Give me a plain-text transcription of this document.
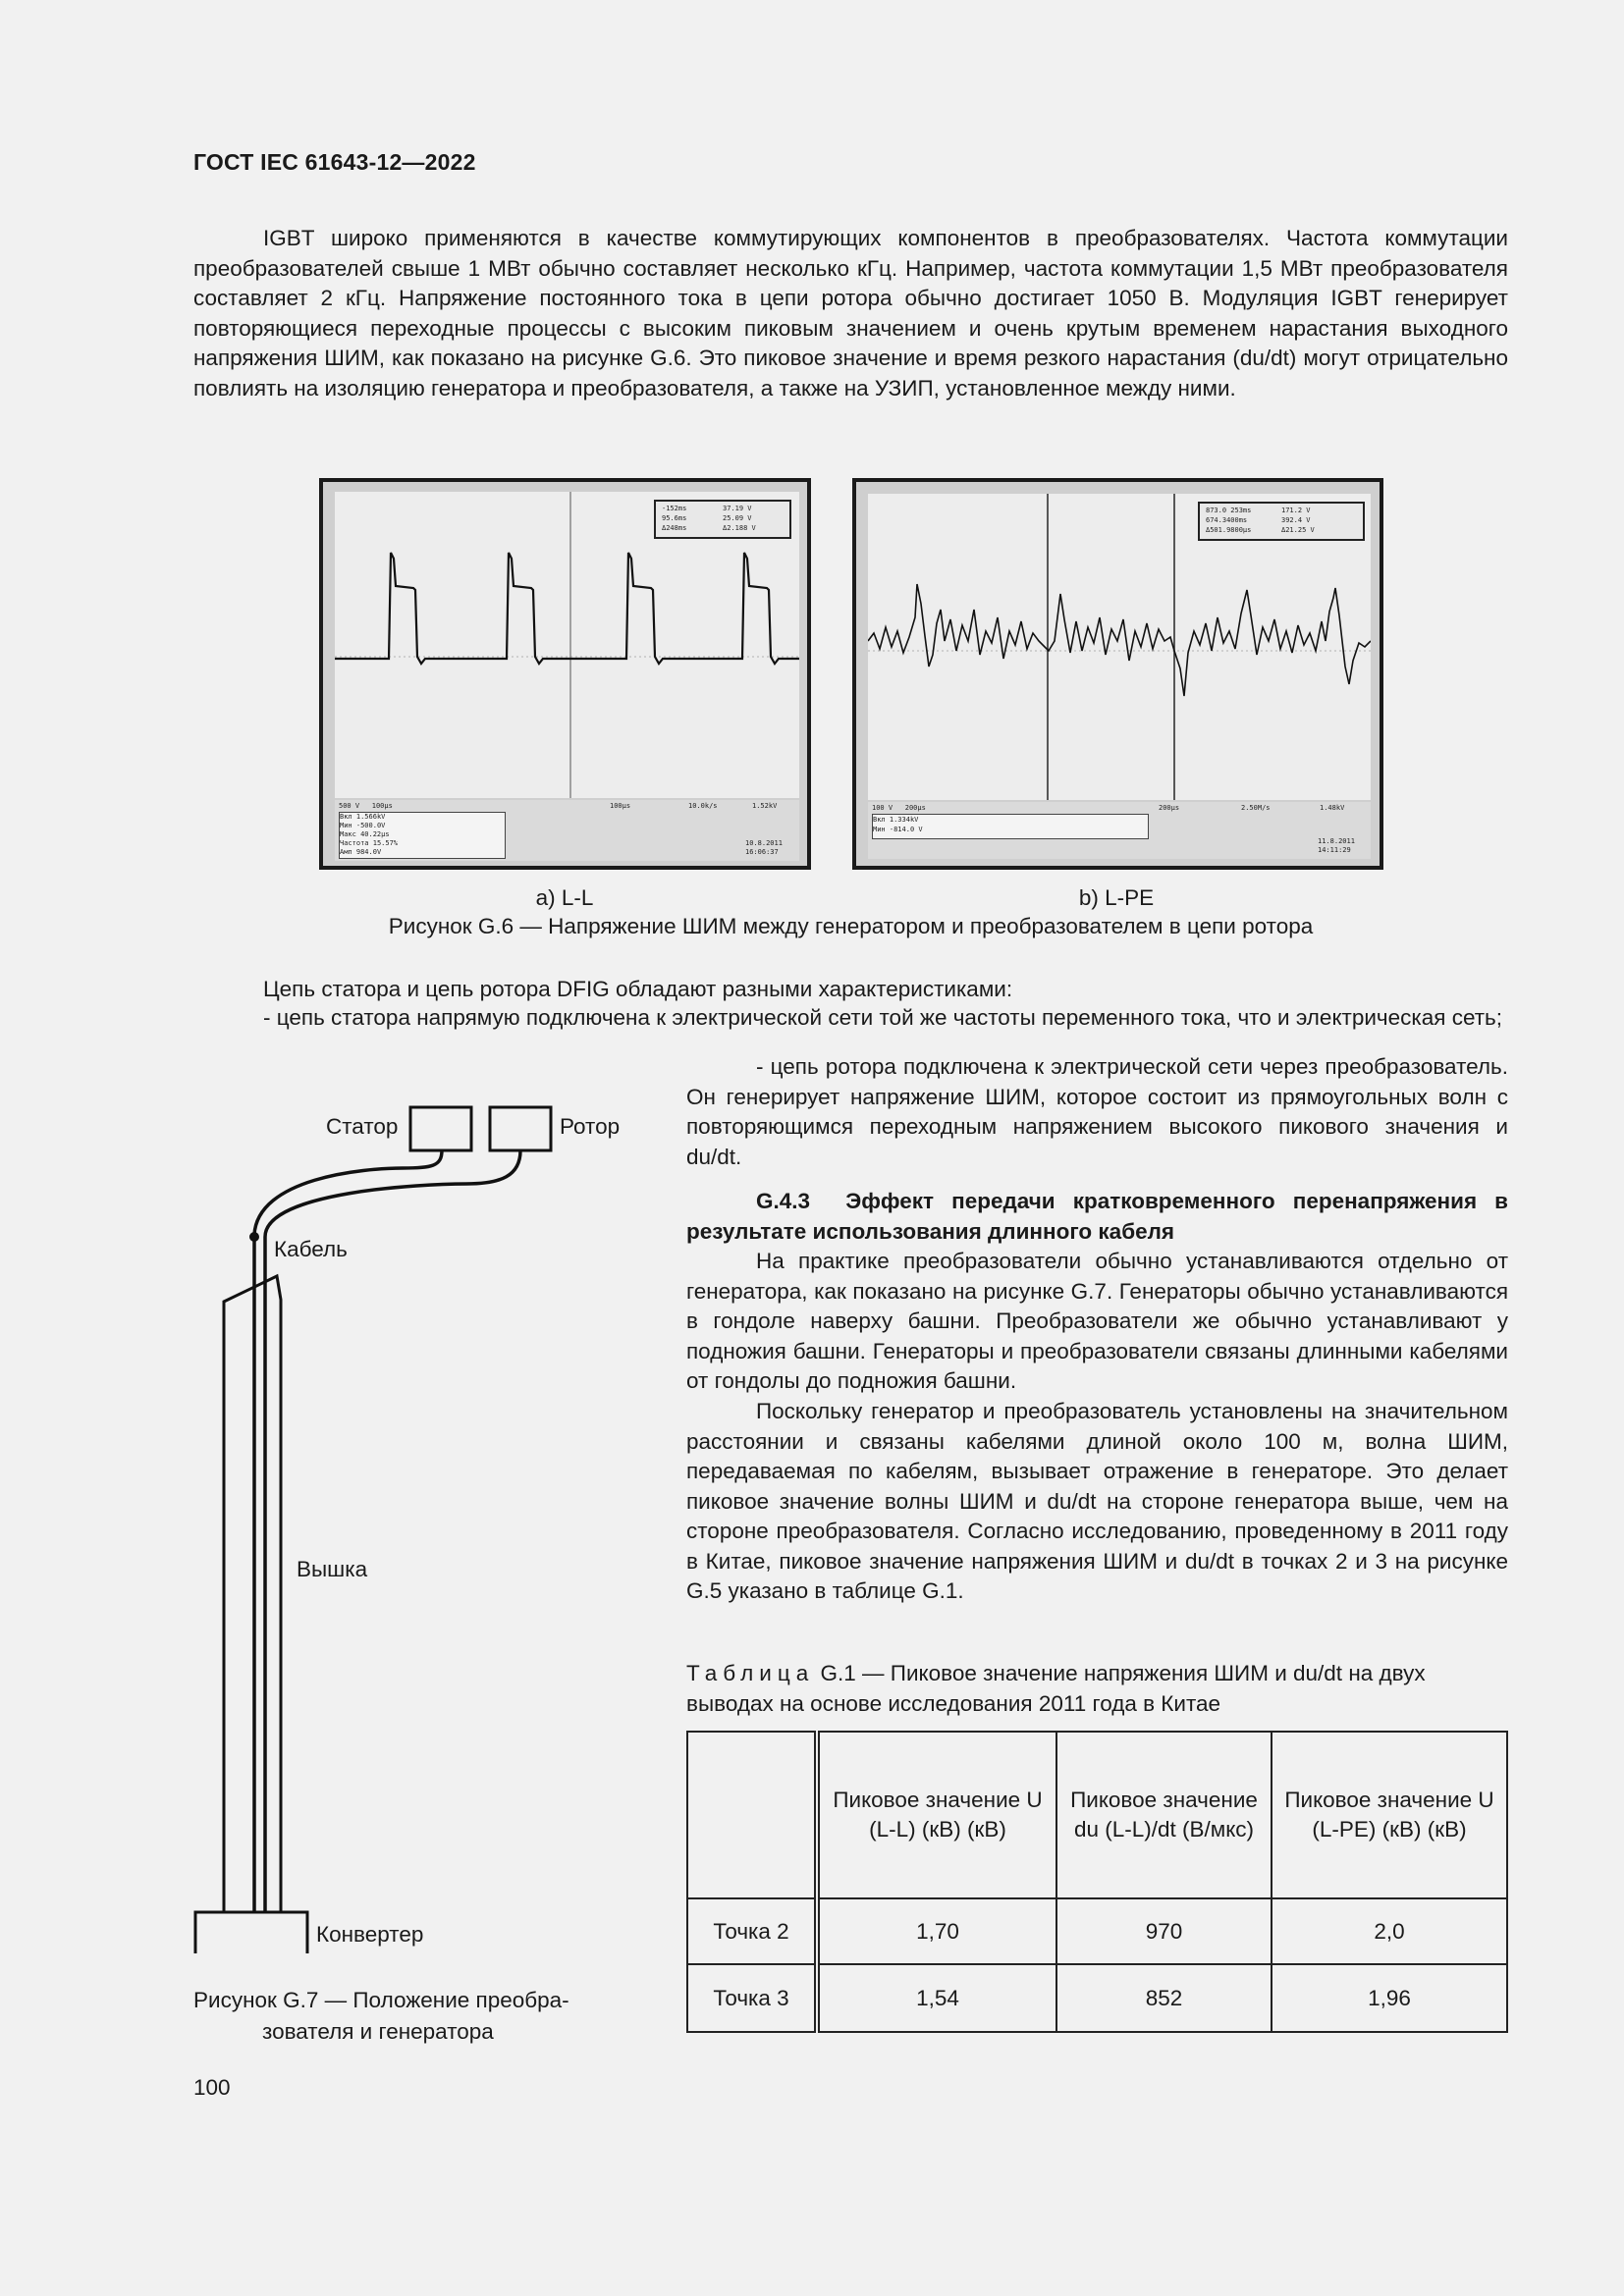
ГОСТ IEC 61643-12—2022

IGBT широко применяются в качестве коммутирующих компонентов в преобразователях. Частота коммутации преобразователей свыше 1 МВт обычно составляет несколько кГц. Например, частота коммутации 1,5 МВт преобразователя составляет 2 кГц. Напряжение постоянного тока в цепи ротора обычно достигает 1050 В. Модуляция IGBT генерирует повторяющиеся переходные процессы с высоким пиковым значением и очень крутым временем нарастания выходного напряжения ШИМ, как показано на рисунке G.6. Это пиковое значение и время резкого нарастания (du/dt) могут отрицательно повлиять на изоляцию генератора и преобразователя, а также на УЗИП, установленное между ними.

-152ms	37.19 V
95.6ms	25.09 V
Δ248ms	Δ2.188 V
500 V 100μs
Вкл 1.566kV
Мин -500.0V
Макс 40.22μs
Частота 15.57%
Амп 984.0V
100μs	10.0k/s	1.52kV
10.8.2011
16:06:37
873.0 253ms	171.2 V
674.3400ms	392.4 V
Δ501.9800μs	Δ21.25 V
100 V 200μs
Вкл 1.334kV
Мин -814.0 V
200μs	2.50M/s	1.48kV
11.8.2011
14:11:29
a) L-L	b) L-PE
Рисунок G.6 — Напряжение ШИМ между генератором и преобразователем в цепи ротора

Цепь статора и цепь ротора DFIG обладают разными характеристиками:

- цепь статора напрямую подключена к электрической сети той же частоты переменного тока, что и электрическая сеть;

Статор	Ротор
Кабель
Вышка
Конвертер
Рисунок G.7 — Положение преобра-
зователя и генератора

- цепь ротора подключена к электрической сети через преобразователь. Он генерирует напряжение ШИМ, которое состоит из прямоугольных волн с повторяющимся переходным напряжением высокого пикового значения и du/dt.

G.4.3 Эффект передачи кратковременного перенапряжения в результате использования длинного кабеля

На практике преобразователи обычно устанавливаются отдельно от генератора, как показано на рисунке G.7. Генераторы обычно устанавливаются в гондоле наверху башни. Преобразователи же обычно устанавливают у подножия башни. Генераторы и преобразователи связаны длинными кабелями от гондолы до подножия башни.

Поскольку генератор и преобразователь установлены на значительном расстоянии и связаны кабелями длиной около 100 м, волна ШИМ, передаваемая по кабелям, вызывает отражение в генераторе. Это делает пиковое значение волны ШИМ и du/dt на стороне генератора выше, чем на стороне преобразователя. Согласно исследованию, проведенному в 2011 году в Китае, пиковое значение напряжения ШИМ и du/dt в точках 2 и 3 на рисунке G.5 указано в таблице G.1.

Таблица G.1 — Пиковое значение напряжения ШИМ и du/dt на двух выводах на основе исследования 2011 года в Китае
	Пиковое значение U (L-L) (кВ) (кВ)	Пиковое значение du (L-L)/dt (В/мкс)	Пиковое значение U (L-PE) (кВ) (кВ)
Точка 2	1,70	970	2,0
Точка 3	1,54	852	1,96
100
